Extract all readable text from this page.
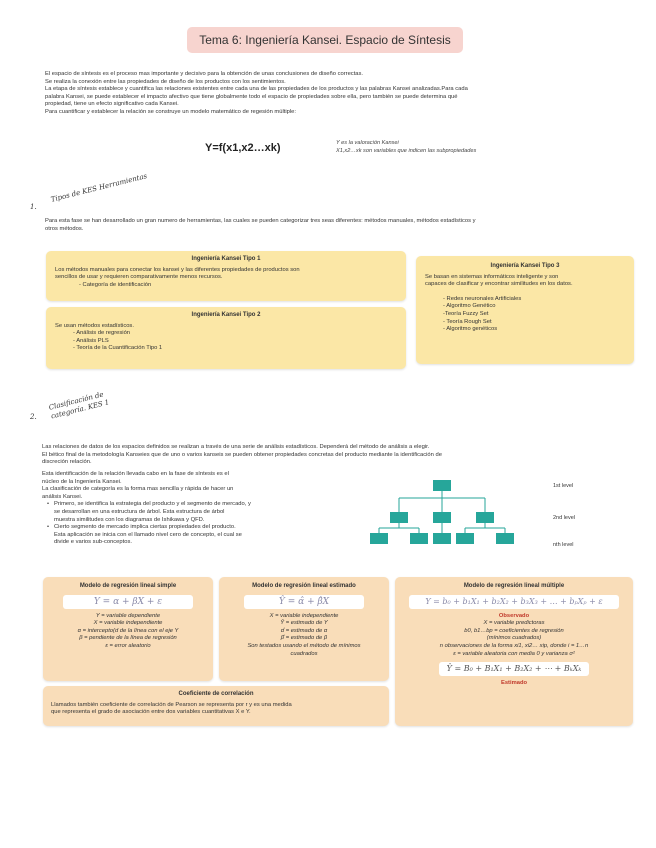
Tema 6: Ingeniería Kansei. Espacio de Síntesis
El espacio de síntesis es el proceso mas importante y decisivo para la obtención de unas conclusiones de diseño correctas.
Se realiza la conexión entre las propiedades de diseño de los productos con los sentimientos.
La etapa de síntesis establece y cuantifica las relaciones existentes entre cada una de las propiedades de los productos y las palabras Kansei analizadas.Para cada
palabra Kansei, se puede establecer el impacto afectivo que tiene globalmente todo el espacio de propiedades sobre ella, pero también se puede determina qué
propiedad, tiene un efecto significativo cada Kansei.
Para cuantificar y establecer la relación se construye un modelo matemático de regesión múltiple:
Y=f(x1,x2…xk)	Y es la valoración Kansei
X1,x2…xk son variables que indicen las subpropiedades
1.
Tipos de KES Herramientas
Para esta fase se han desarrollado un gran numero de herramientas, las cuales se pueden categorizar tres seas diferentes: métodos manuales, métodos estadísticos y
otros métodos.
Ingeniería Kansei Tipo 1
Los métodos manuales para conectar los kansei y las diferentes propiedades de productos son
sencillos de usar y requieren comparativamente menos recursos.
- Categoría de identificación
Ingeniería Kansei Tipo 2
Se usan métodos estadísticos.
- Análisis de regresión
- Análisis PLS
- Teoría de la Cuantificación Tipo 1
Ingeniería Kansei Tipo 3
Se basan en sistemas informáticos inteligente y son
capaces de clasificar y encontrar similitudes en los datos.
- Redes neuronales Artificiales
- Algoritmo Genético
-Teoría Fuzzy Set
- Teoría Rough Set
- Algoritmo genéticos
2.
Clasificación de categoría. KES 1
Las relaciones de datos de los espacios definidos se realizan a través de una serie de análisis estadísticos. Dependerá del método de análisis a elegir.
El bético final de la metodología Kanseies que de uno o varios kanseis se pueden obtener propiedades concretas del producto mediante la identificación de
discreción relación.
Esta identificación de la relación llevada cabo en la fase de síntesis es el
núcleo de la Ingeniería Kansei.
La clasificación de categoría es la forma mas sencilla y rápida de hacer un
análisis Kansei.
• Primero, se identifica la estrategia del producto y el segmento de mercado, y
se desarrollan en una estructura de árbol. Esta estructura de árbol
muestra similitudes con los diagramas de Ishikawa y QFD.
• Cierto segmento de mercado implica ciertas propiedades del producto.
Esta aplicación se inicia con el llamado nivel cero de concepto, el cual se
divide e varios sub-conceptos.
1st level
2nd level
nth level
Modelo de regresión lineal simple
Y = α + βX + ε
Y = variable dependiente
X = variable independiente
α = intercepto(d de la línea con el eje Y
β = pendiente de la línea de regresión
ε = error aleatorio
Modelo de regresión lineal estimado
Ŷ = α̂ + β̂X
X = variable independiente
Ŷ = estimado de Y
α̂ = estimado de α
β̂ = estimado de β
Son testados usando el método de mínimos
cuadrados
Modelo de regresión lineal múltiple
Y = b₀ + b₁X₁ + b₂X₂ + b₃X₃ + … + bₚXₚ + ε
Observado
X = variable predictoras
b0, b1…bp = coeficientes de regresión
(mínimos cuadrados)
n observaciones de la forma xi1, xi2… xip, donde i = 1…n
ε = variable aleatoria con media 0 y varianza σ²
Ŷ = B₀ + B₁X₁ + B₂X₂ + ⋯ + BₖXₖ
Estimado
Coeficiente de correlación
Llamados también coeficiente de correlación de Pearson se representa por r y es una medida
que representa el grado de asociación entre dos variables cuantitativas X e Y.
